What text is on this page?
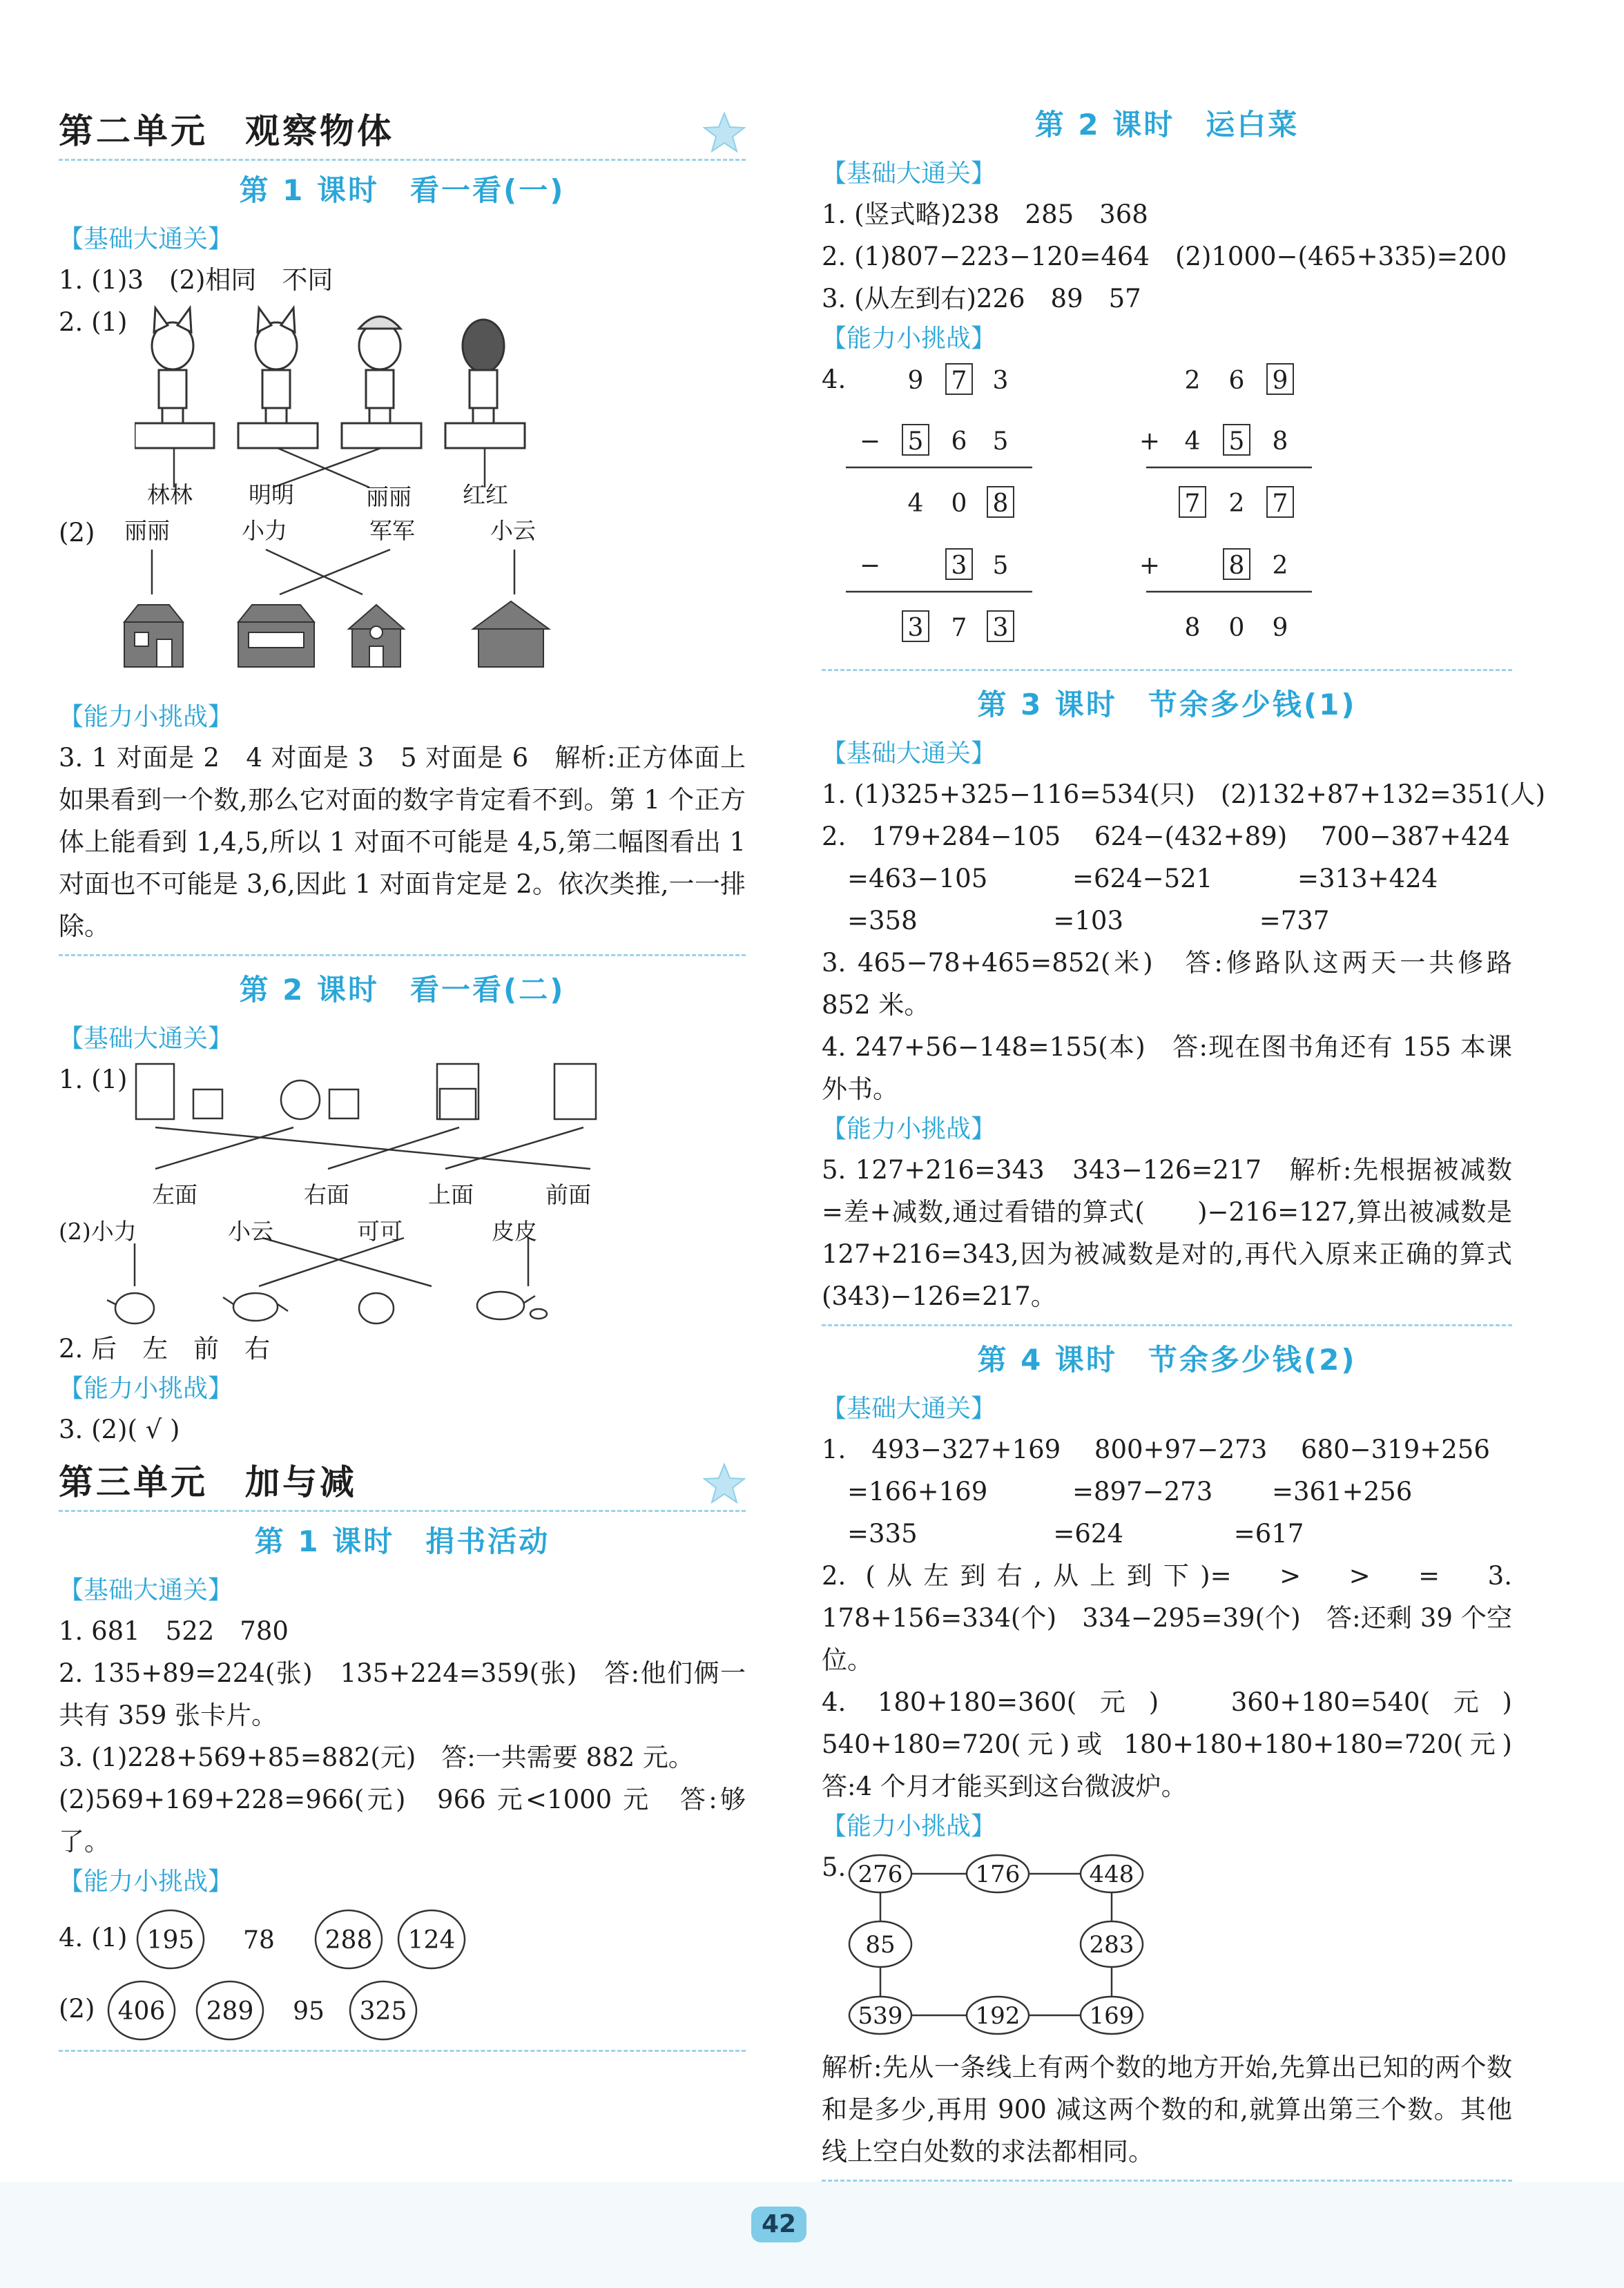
第二单元　观察物体
第 1 课时　看一看(一)
【基础大通关】
1. (1)3　(2)相同　不同
2. (1)
林林 明明	丽丽 红红
(2) 丽丽	小力	军军	小云
【能力小挑战】
3. 1 对面是 2　4 对面是 3　5 对面是 6　解析:正方体面上如果看到一个数,那么它对面的数字肯定看不到。第 1 个正方体上能看到 1,4,5,所以 1 对面不可能是 4,5,第二幅图看出 1 对面也不可能是 3,6,因此 1 对面肯定是 2。依次类推,一一排除。
第 2 课时　看一看(二)
【基础大通关】
1. (1)
左面	右面	上面	前面
(2)小力	小云	可可	皮皮
2. 后　左　前　右
【能力小挑战】
3. (2)( √ )
第三单元　加与减
第 1 课时　捐书活动
【基础大通关】
1. 681　522　780
2. 135+89=224(张)　135+224=359(张)　答:他们俩一共有 359 张卡片。
3. (1)228+569+85=882(元)　答:一共需要 882 元。
(2)569+169+228=966(元)　966 元<1000 元　答:够了。
【能力小挑战】
4. (1)
(2)
195 78 288 124
406 289 95 325
第 2 课时　运白菜
【基础大通关】
1. (竖式略)238　285　368
2. (1)807−223−120=464　(2)1000−(465+335)=200
3. (从左到右)226　89　57
【能力小挑战】
4. 9 7 3
− 5 6 5
4 0 8
−	3 5
3 7 3
2 6 9
+ 4 5 8
7 2 7
+	8 2
8 0 9
第 3 课时　节余多少钱(1)
【基础大通关】
1. (1)325+325−116=534(只)　(2)132+87+132=351(人)
2.　179+284−105　 624−(432+89)　 700−387+424
　=463−105　　　 =624−521　　　 =313+424
　=358　　　　　 =103　　　　　 =737
3. 465−78+465=852(米)　答:修路队这两天一共修路 852 米。
4. 247+56−148=155(本)　答:现在图书角还有 155 本课外书。
【能力小挑战】
5. 127+216=343　343−126=217　解析:先根据被减数=差+减数,通过看错的算式(　　)−216=127,算出被减数是 127+216=343,因为被减数是对的,再代入原来正确的算式(343)−126=217。
第 4 课时　节余多少钱(2)
【基础大通关】
1.　493−327+169　 800+97−273　 680−319+256
　=166+169　　　 =897−273　　 =361+256
　=335　　　　　 =624　　　　 =617
2. (从左到右,从上到下)=　>　>　=　3. 178+156=334(个)　334−295=39(个)　答:还剩 39 个空位。
4. 180+180=360(元)　360+180=540(元)　540+180=720(元)或 180+180+180+180=720(元)　答:4 个月才能买到这台微波炉。
【能力小挑战】
5. 276	176	448
85	283
539	192	169
解析:先从一条线上有两个数的地方开始,先算出已知的两个数和是多少,再用 900 减这两个数的和,就算出第三个数。其他线上空白处数的求法都相同。
42
